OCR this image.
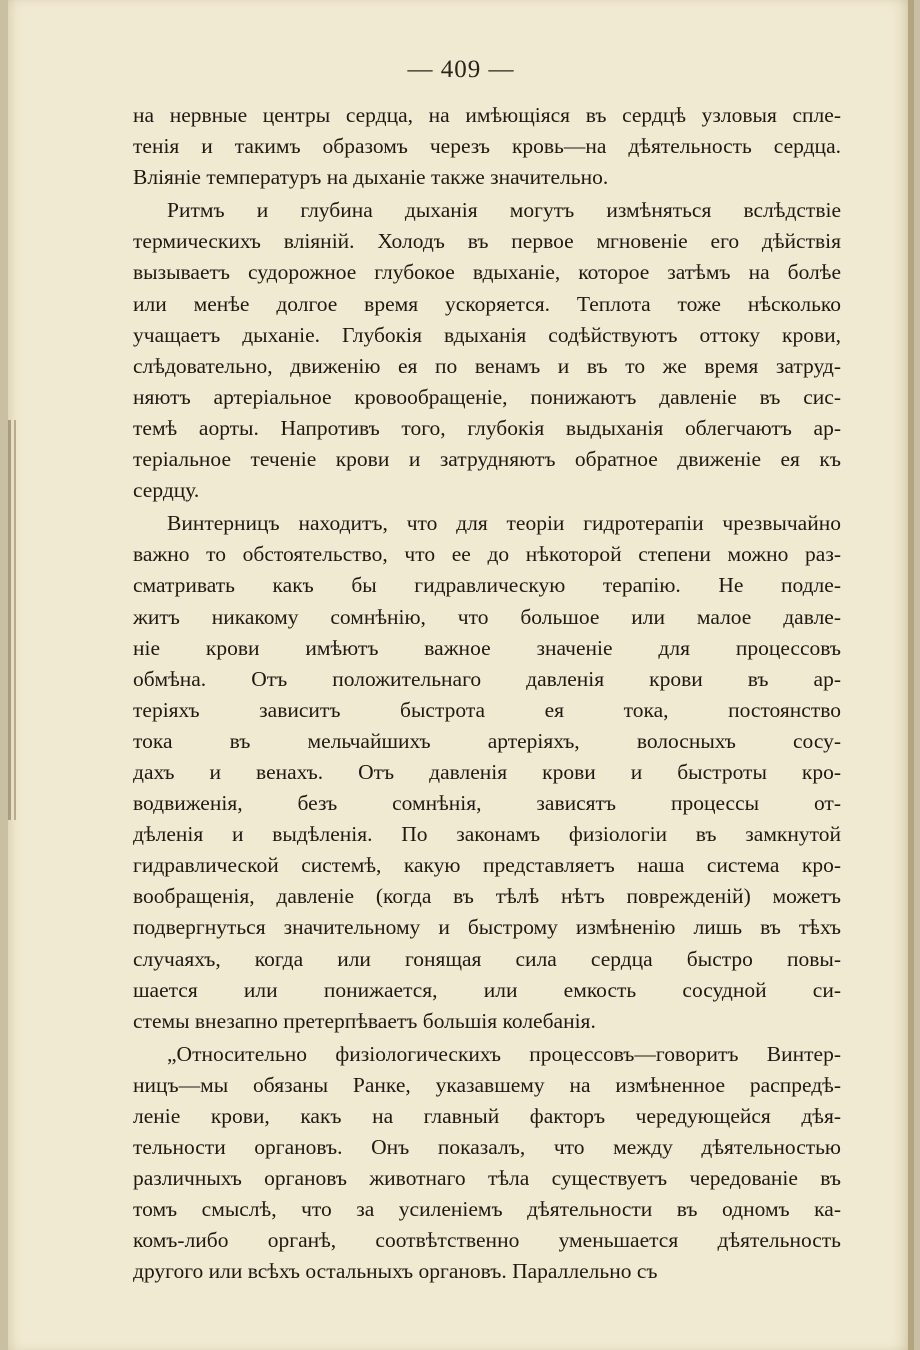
— 409 —
на нервные центры сердца, на имѣющiяся въ сердцѣ узловыя спле-
тенiя и такимъ образомъ черезъ кровь—на дѣятельность сердца.
Влiянiе температуръ на дыханiе также значительно.
Ритмъ и глубина дыханiя могутъ измѣняться вслѣдствiе
термическихъ влiянiй. Холодъ въ первое мгновенiе его дѣйствiя
вызываетъ судорожное глубокое вдыханiе, которое затѣмъ на болѣе
или менѣе долгое время ускоряется. Теплота тоже нѣсколько
учащаетъ дыханiе. Глубокiя вдыханiя содѣйствуютъ оттоку крови,
слѣдовательно, движенiю ея по венамъ и въ то же время затруд-
няютъ артерiальное кровообращенiе, понижаютъ давленiе въ сис-
темѣ аорты. Напротивъ того, глубокiя выдыханiя облегчаютъ ар-
терiальное теченiе крови и затрудняютъ обратное движенiе ея къ
сердцу.
Винтерницъ находитъ, что для теорiи гидротерапiи чрезвычайно
важно то обстоятельство, что ее до нѣкоторой степени можно раз-
сматривать какъ бы гидравлическую терапiю. Не подле-
житъ никакому сомнѣнiю, что большое или малое давле-
нiе крови имѣютъ важное значенiе для процессовъ
обмѣна. Отъ положительнаго давленiя крови въ ар-
терiяхъ зависитъ быстрота ея тока, постоянство
тока въ мельчайшихъ артерiяхъ, волосныхъ сосу-
дахъ и венахъ. Отъ давленiя крови и быстроты кро-
водвиженiя, безъ сомнѣнiя, зависятъ процессы от-
дѣленiя и выдѣленiя. По законамъ физiологiи въ замкнутой
гидравлической системѣ, какую представляетъ наша система кро-
вообращенiя, давленiе (когда въ тѣлѣ нѣтъ поврежденiй) можетъ
подвергнуться значительному и быстрому измѣненiю лишь въ тѣхъ
случаяхъ, когда или гонящая сила сердца быстро повы-
шается или понижается, или емкость сосудной си-
стемы внезапно претерпѣваетъ большiя колебанiя.
„Относительно физiологическихъ процессовъ—говоритъ Винтер-
ницъ—мы обязаны Ранке, указавшему на измѣненное распредѣ-
ленiе крови, какъ на главный факторъ чередующейся дѣя-
тельности органовъ. Онъ показалъ, что между дѣятельностью
различныхъ органовъ животнаго тѣла существуетъ чередованiе въ
томъ смыслѣ, что за усиленiемъ дѣятельности въ одномъ ка-
комъ-либо органѣ, соотвѣтственно уменьшается дѣятельность
другого или всѣхъ остальныхъ органовъ. Параллельно съ
